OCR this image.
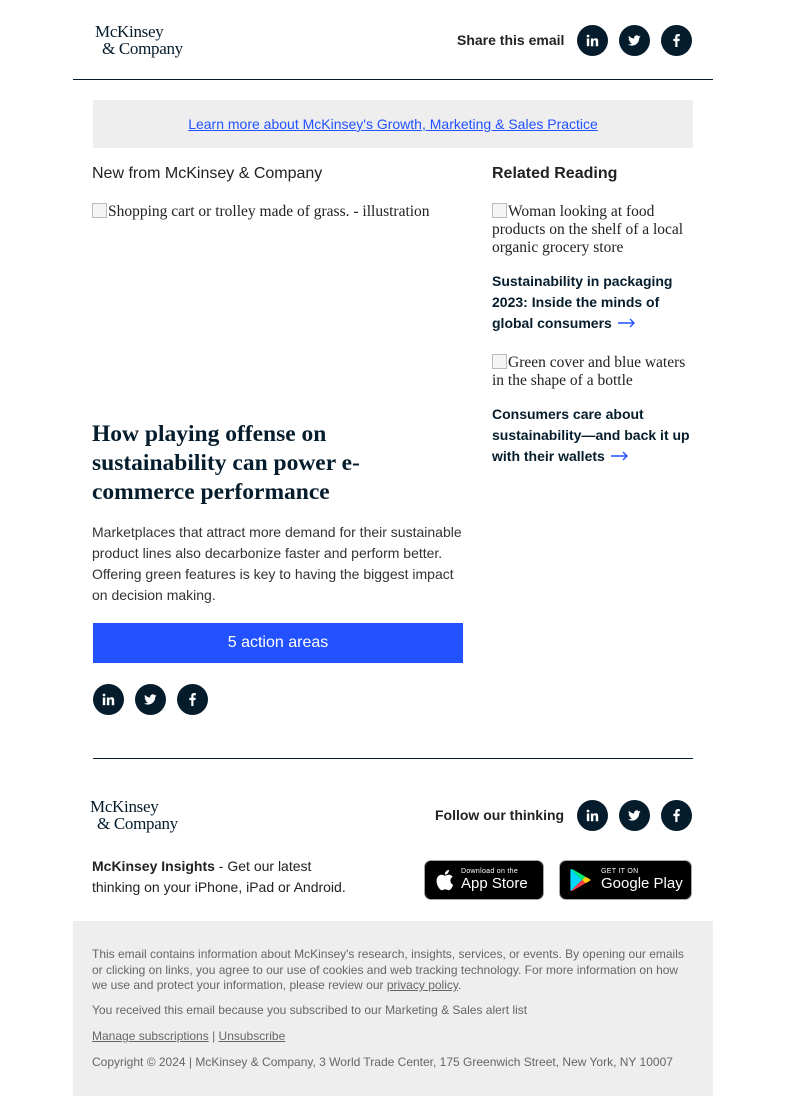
McKinsey
& Company	Share this email
Learn more about McKinsey's Growth, Marketing & Sales Practice
New from McKinsey & Company
Shopping cart or trolley made of grass. - illustration
How playing offense on sustainability can power e-commerce performance
Marketplaces that attract more demand for their sustainable product lines also decarbonize faster and perform better. Offering green features is key to having the biggest impact on decision making.
5 action areas
Related Reading
Woman looking at food products on the shelf of a local organic grocery store
Sustainability in packaging 2023: Inside the minds of global consumers
Green cover and blue waters in the shape of a bottle
Consumers care about sustainability—and back it up with their wallets
McKinsey
& Company	Follow our thinking
McKinsey Insights - Get our latest thinking on your iPhone, iPad or Android.
Download on the
App Store
GET IT ON
Google Play
This email contains information about McKinsey's research, insights, services, or events. By opening our emails or clicking on links, you agree to our use of cookies and web tracking technology. For more information on how we use and protect your information, please review our privacy policy.
You received this email because you subscribed to our Marketing & Sales alert list
Manage subscriptions | Unsubscribe
Copyright © 2024 | McKinsey & Company, 3 World Trade Center, 175 Greenwich Street, New York, NY 10007
